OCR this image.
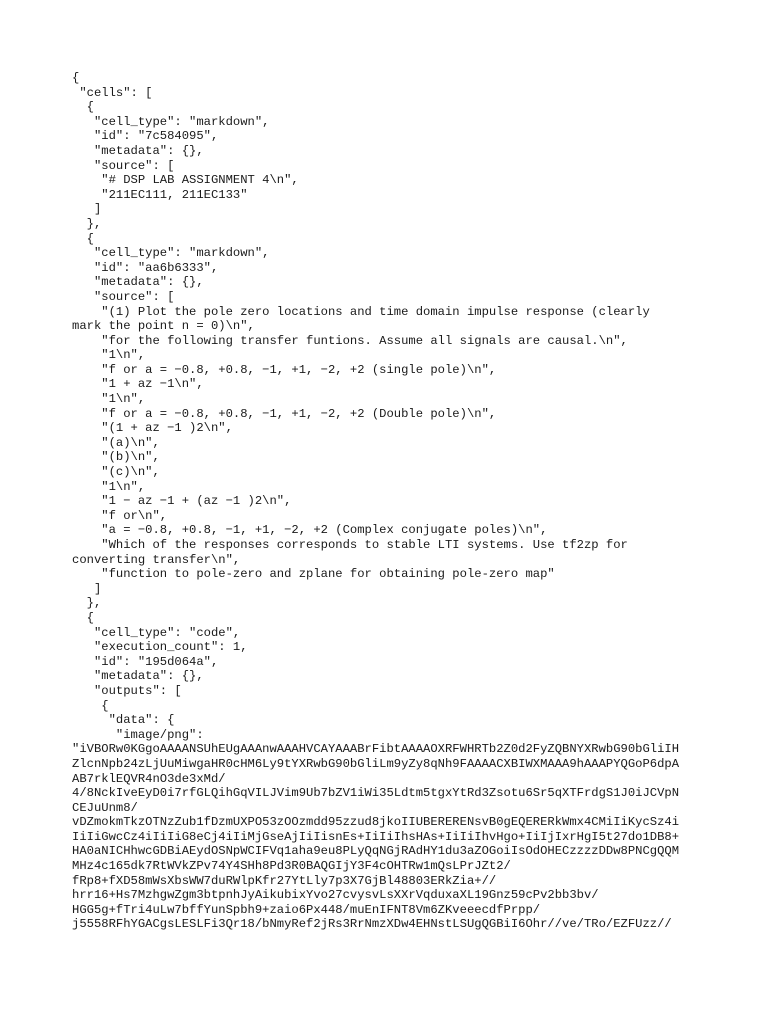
{
"cells": [
{
"cell_type": "markdown",
"id": "7c584095",
"metadata": {},
"source": [
"# DSP LAB ASSIGNMENT 4\n",
"211EC111, 211EC133"
]
},
{
"cell_type": "markdown",
"id": "aa6b6333",
"metadata": {},
"source": [
"(1) Plot the pole zero locations and time domain impulse response (clearly
mark the point n = 0)\n",
"for the following transfer funtions. Assume all signals are causal.\n",
"1\n",
"f or a = −0.8, +0.8, −1, +1, −2, +2 (single pole)\n",
"1 + az −1\n",
"1\n",
"f or a = −0.8, +0.8, −1, +1, −2, +2 (Double pole)\n",
"(1 + az −1 )2\n",
"(a)\n",
"(b)\n",
"(c)\n",
"1\n",
"1 − az −1 + (az −1 )2\n",
"f or\n",
"a = −0.8, +0.8, −1, +1, −2, +2 (Complex conjugate poles)\n",
"Which of the responses corresponds to stable LTI systems. Use tf2zp for
converting transfer\n",
"function to pole-zero and zplane for obtaining pole-zero map"
]
},
{
"cell_type": "code",
"execution_count": 1,
"id": "195d064a",
"metadata": {},
"outputs": [
{
"data": {
"image/png":
"iVBORw0KGgoAAAANSUhEUgAAAnwAAAHVCAYAAABrFibtAAAAOXRFWHRTb2Z0d2FyZQBNYXRwbG90bGliIH
ZlcnNpb24zLjUuMiwgaHR0cHM6Ly9tYXRwbG90bGliLm9yZy8qNh9FAAAACXBIWXMAAA9hAAAPYQGoP6dpA
AB7rklEQVR4nO3de3xMd/
4/8NckIveEyD0i7rfGLQihGqVILJVim9Ub7bZV1iWi35Ldtm5tgxYtRd3Zsotu6Sr5qXTFrdgS1J0iJCVpN
CEJuUnm8/
vDZmokmTkzOTNzZub1fDzmUXPO53zOOzmdd95zzud8jkoIIUBERERENsvB0gEQERERkWmx4CMiIiKycSz4i
IiIiGwcCz4iIiIiG8eCj4iIiMjGseAjIiIisnEs+IiIiIhsHAs+IiIiIhvHgo+IiIjIxrHgI5t27do1DB8+
HA0aNICHhwcGDBiAEydOSNpWCIFVq1aha9eu8PLyQqNGjRAdHY1du3aZOGoiIsOdOHECzzzzDDw8PNCgQQM
MHz4c165dk7RtWVkZPv74Y4SHh8Pd3R0BAQGIjY3F4cOHTRw1mQsLPrJZt2/
fRp8+fXD58mWsXbsWW7duRWlpKfr27YtLly7p3X7GjBl48803ERkZia+//
hrr16+Hs7MzhgwZgm3btpnhJyAikubixYvo27cvysvLsXXrVqduxaXL19Gnz59cPv2bb3bv/
HGG5g+fTri4uLw7bffYunSpbh9+zaio6Px448/muEnIFNT8Vm6ZKveeecdfPrpp/
j5558RFhYGACgsLESLFi3Qr18/bNmyRef2jRs3RrNmzXDw4EHNstLSUgQGBiI6Ohr//ve/TRo/EZFUzz//
